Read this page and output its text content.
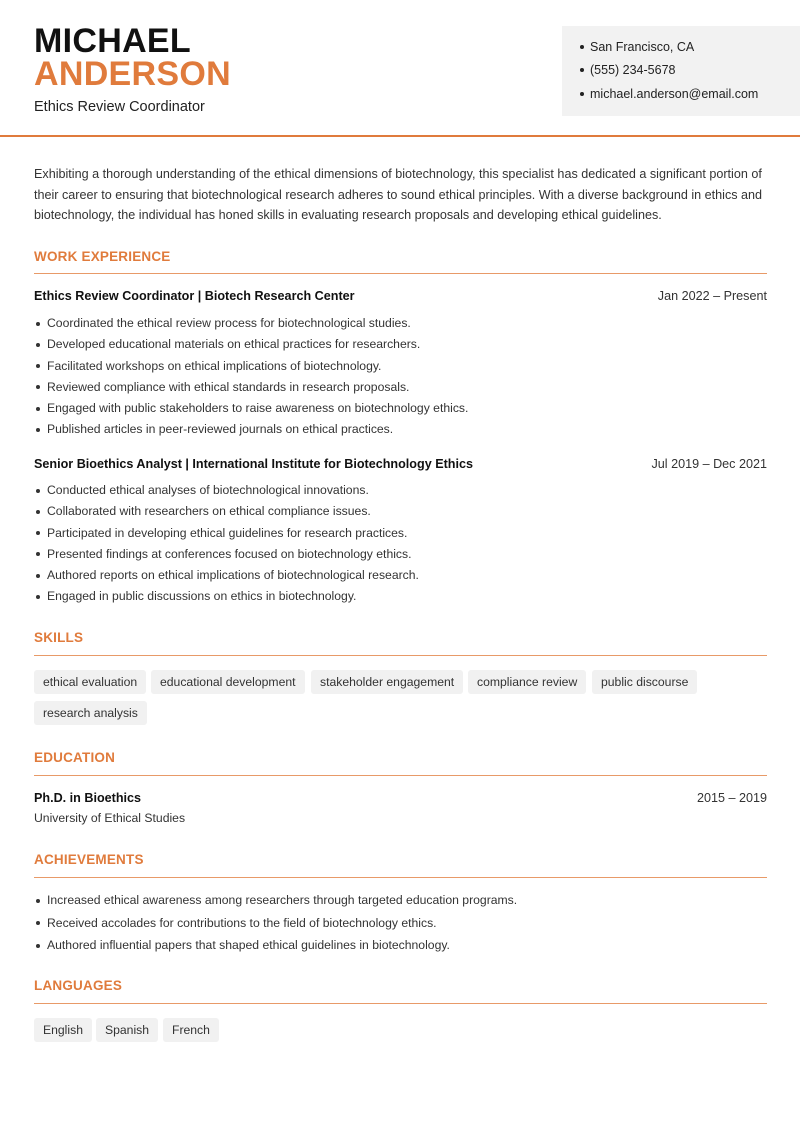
MICHAEL
ANDERSON
Ethics Review Coordinator
San Francisco, CA
(555) 234-5678
michael.anderson@email.com
Exhibiting a thorough understanding of the ethical dimensions of biotechnology, this specialist has dedicated a significant portion of their career to ensuring that biotechnological research adheres to sound ethical principles. With a diverse background in ethics and biotechnology, the individual has honed skills in evaluating research proposals and developing ethical guidelines.
WORK EXPERIENCE
Ethics Review Coordinator | Biotech Research Center	Jan 2022 – Present
Coordinated the ethical review process for biotechnological studies.
Developed educational materials on ethical practices for researchers.
Facilitated workshops on ethical implications of biotechnology.
Reviewed compliance with ethical standards in research proposals.
Engaged with public stakeholders to raise awareness on biotechnology ethics.
Published articles in peer-reviewed journals on ethical practices.
Senior Bioethics Analyst | International Institute for Biotechnology Ethics	Jul 2019 – Dec 2021
Conducted ethical analyses of biotechnological innovations.
Collaborated with researchers on ethical compliance issues.
Participated in developing ethical guidelines for research practices.
Presented findings at conferences focused on biotechnology ethics.
Authored reports on ethical implications of biotechnological research.
Engaged in public discussions on ethics in biotechnology.
SKILLS
ethical evaluation	educational development	stakeholder engagement	compliance review	public discourse
research analysis
EDUCATION
Ph.D. in Bioethics	2015 – 2019
University of Ethical Studies
ACHIEVEMENTS
Increased ethical awareness among researchers through targeted education programs.
Received accolades for contributions to the field of biotechnology ethics.
Authored influential papers that shaped ethical guidelines in biotechnology.
LANGUAGES
English	Spanish	French
